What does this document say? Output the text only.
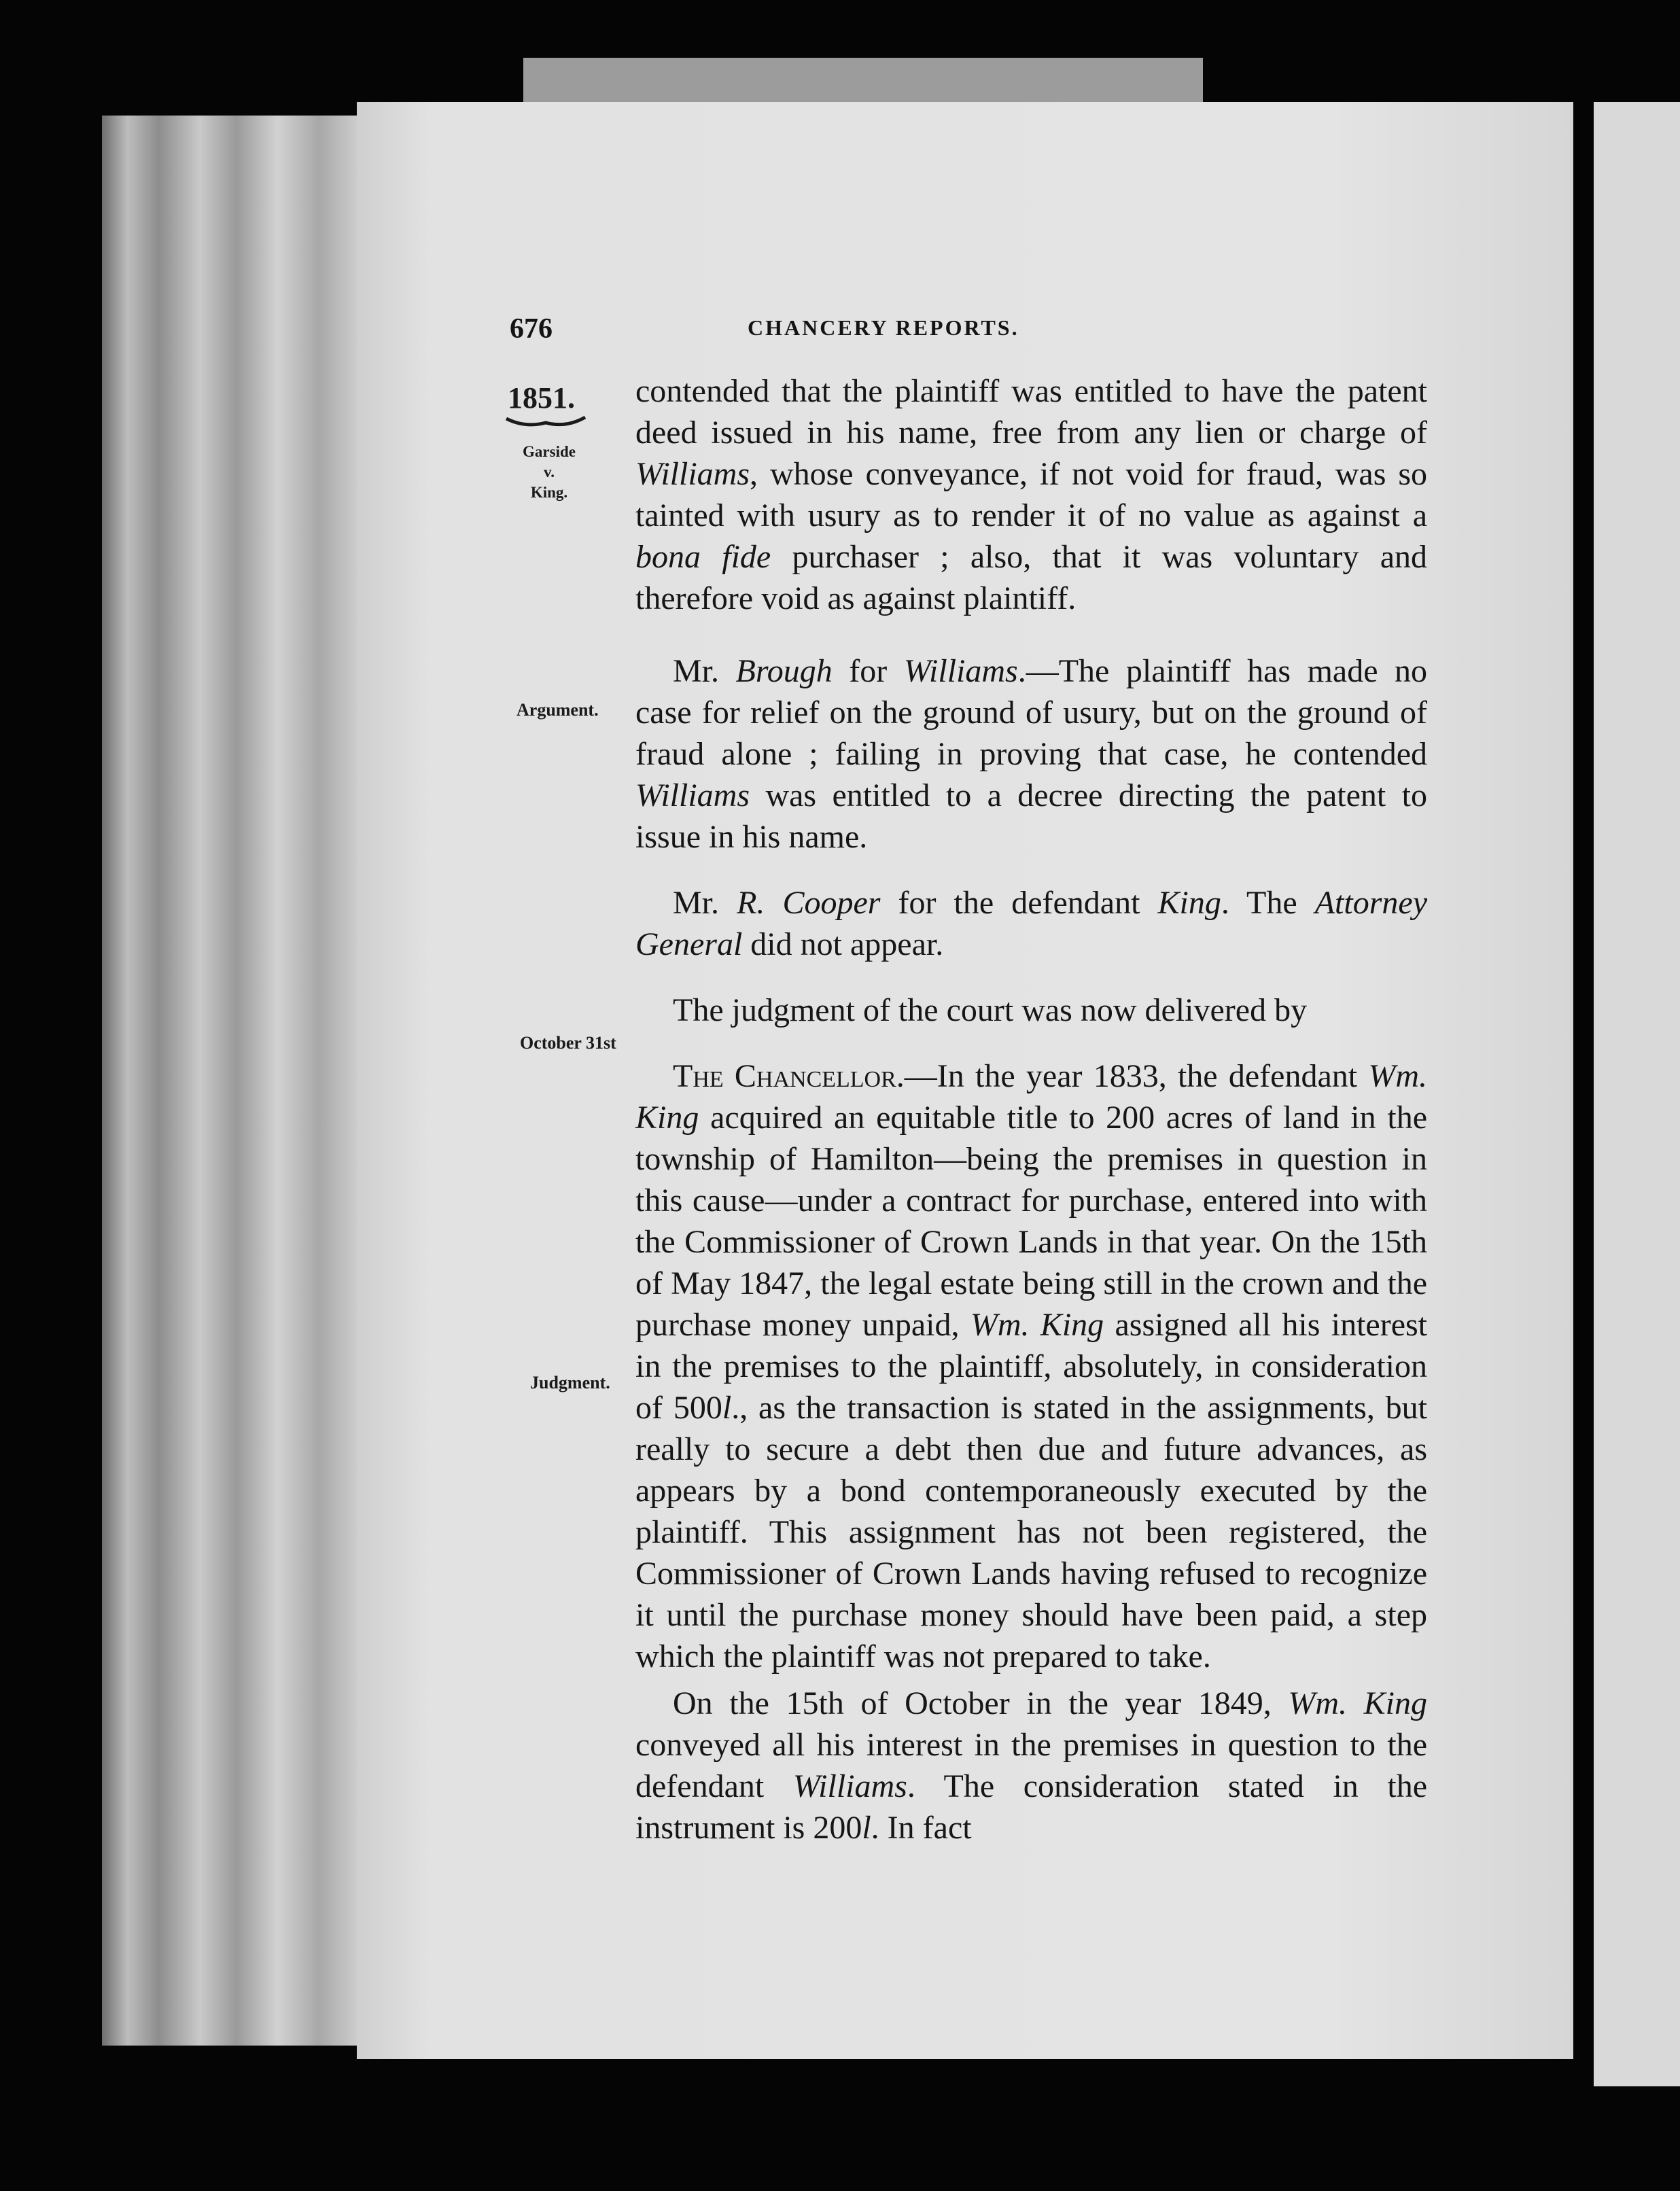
676	CHANCERY REPORTS.
1851.
Garside
v.
King.
Argument.
October 31st
Judgment.

contended that the plaintiff was entitled to have the patent deed issued in his name, free from any lien or charge of Williams, whose conveyance, if not void for fraud, was so tainted with usury as to render it of no value as against a bona fide purchaser ; also, that it was voluntary and therefore void as against plaintiff.

Mr. Brough for Williams.—The plaintiff has made no case for relief on the ground of usury, but on the ground of fraud alone ; failing in proving that case, he contended Williams was entitled to a decree directing the patent to issue in his name.

Mr. R. Cooper for the defendant King. The Attorney General did not appear.

The judgment of the court was now delivered by

The Chancellor.—In the year 1833, the defendant Wm. King acquired an equitable title to 200 acres of land in the township of Hamilton—being the premises in question in this cause—under a contract for purchase, entered into with the Commissioner of Crown Lands in that year. On the 15th of May 1847, the legal estate being still in the crown and the purchase money unpaid, Wm. King assigned all his interest in the premises to the plaintiff, absolutely, in consideration of 500l., as the transaction is stated in the assignments, but really to secure a debt then due and future advances, as appears by a bond contemporaneously executed by the plaintiff. This assignment has not been registered, the Commissioner of Crown Lands having refused to recognize it until the purchase money should have been paid, a step which the plaintiff was not prepared to take.

On the 15th of October in the year 1849, Wm. King conveyed all his interest in the premises in question to the defendant Williams. The consideration stated in the instrument is 200l. In fact
